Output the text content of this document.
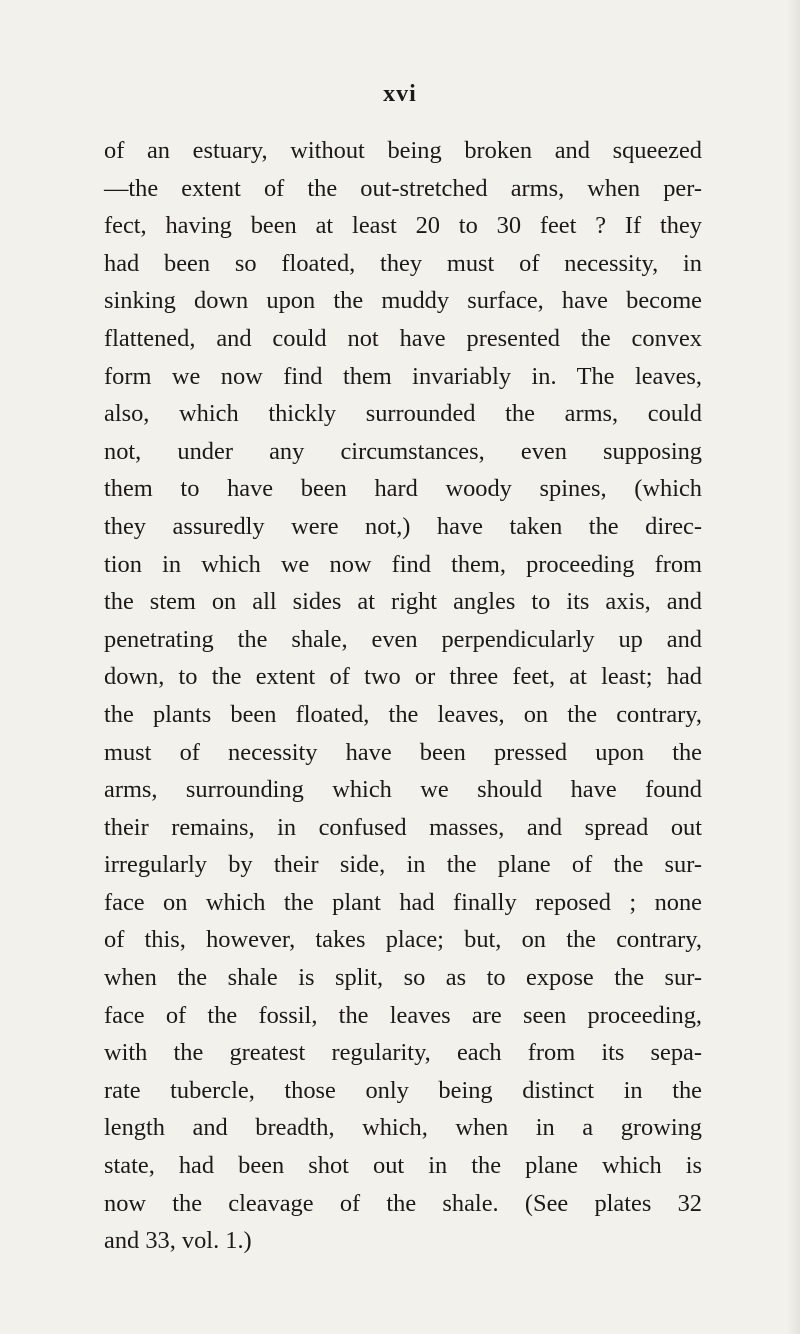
xvi
of an estuary, without being broken and squeezed
—the extent of the out-stretched arms, when per-
fect, having been at least 20 to 30 feet ? If they
had been so floated, they must of necessity, in
sinking down upon the muddy surface, have become
flattened, and could not have presented the convex
form we now find them invariably in. The leaves,
also, which thickly surrounded the arms, could
not, under any circumstances, even supposing
them to have been hard woody spines, (which
they assuredly were not,) have taken the direc-
tion in which we now find them, proceeding from
the stem on all sides at right angles to its axis, and
penetrating the shale, even perpendicularly up and
down, to the extent of two or three feet, at least; had
the plants been floated, the leaves, on the contrary,
must of necessity have been pressed upon the
arms, surrounding which we should have found
their remains, in confused masses, and spread out
irregularly by their side, in the plane of the sur-
face on which the plant had finally reposed ; none
of this, however, takes place; but, on the contrary,
when the shale is split, so as to expose the sur-
face of the fossil, the leaves are seen proceeding,
with the greatest regularity, each from its sepa-
rate tubercle, those only being distinct in the
length and breadth, which, when in a growing
state, had been shot out in the plane which is
now the cleavage of the shale. (See plates 32
and 33, vol. 1.)
